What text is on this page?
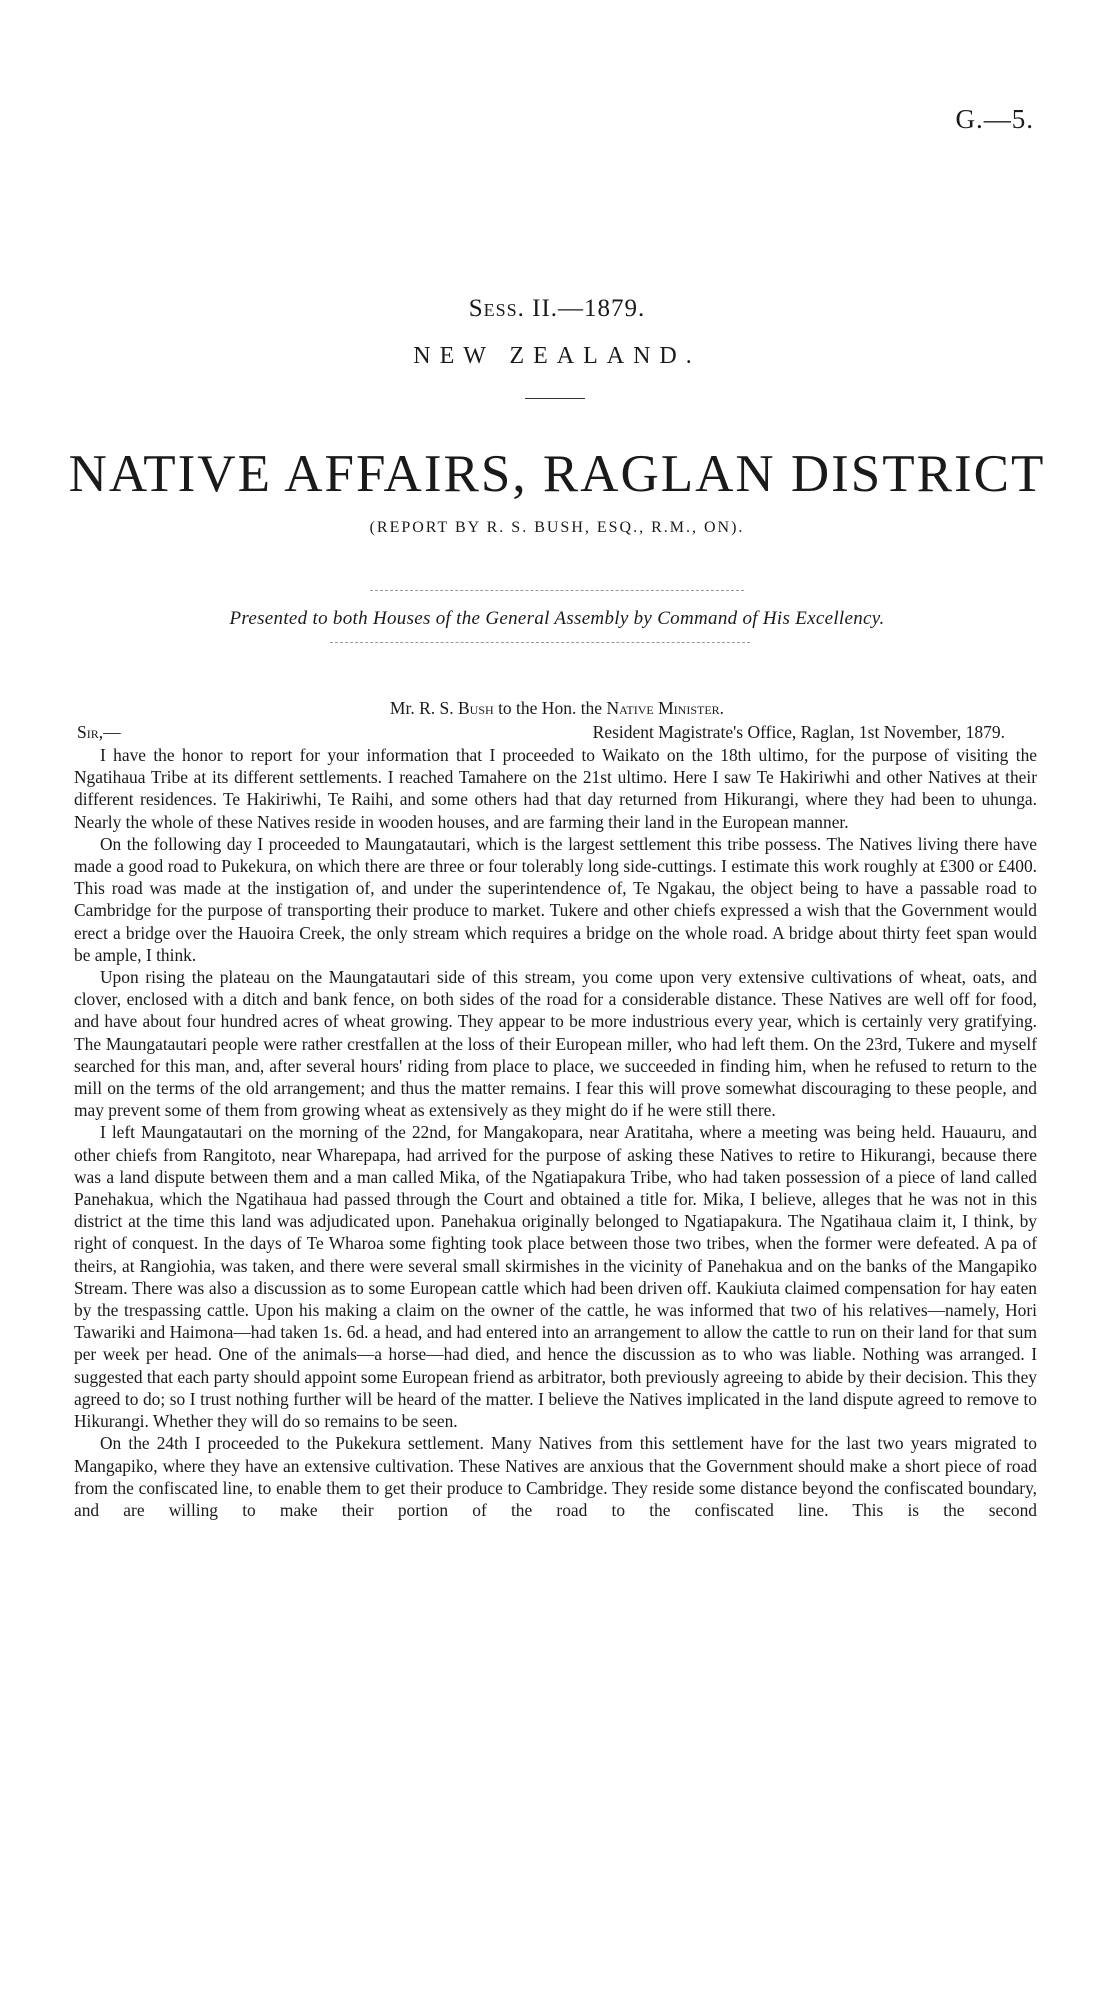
G.—5.
Sess. II.—1879.
NEW ZEALAND.
NATIVE AFFAIRS, RAGLAN DISTRICT
(REPORT BY R. S. BUSH, ESQ., R.M., ON).
Presented to both Houses of the General Assembly by Command of His Excellency.
Mr. R. S. Bush to the Hon. the Native Minister.
Sir,—	Resident Magistrate's Office, Raglan, 1st November, 1879.

I have the honor to report for your information that I proceeded to Waikato on the 18th ultimo, for the purpose of visiting the Ngatihaua Tribe at its different settlements. I reached Tamahere on the 21st ultimo. Here I saw Te Hakiriwhi and other Natives at their different residences. Te Hakiriwhi, Te Raihi, and some others had that day returned from Hikurangi, where they had been to uhunga. Nearly the whole of these Natives reside in wooden houses, and are farming their land in the European manner.

On the following day I proceeded to Maungatautari, which is the largest settlement this tribe possess. The Natives living there have made a good road to Pukekura, on which there are three or four tolerably long side-cuttings. I estimate this work roughly at £300 or £400. This road was made at the instigation of, and under the superintendence of, Te Ngakau, the object being to have a passable road to Cambridge for the purpose of transporting their produce to market. Tukere and other chiefs expressed a wish that the Government would erect a bridge over the Hauoira Creek, the only stream which requires a bridge on the whole road. A bridge about thirty feet span would be ample, I think.

Upon rising the plateau on the Maungatautari side of this stream, you come upon very extensive cultivations of wheat, oats, and clover, enclosed with a ditch and bank fence, on both sides of the road for a considerable distance. These Natives are well off for food, and have about four hundred acres of wheat growing. They appear to be more industrious every year, which is certainly very gratifying. The Maungatautari people were rather crestfallen at the loss of their European miller, who had left them. On the 23rd, Tukere and myself searched for this man, and, after several hours' riding from place to place, we succeeded in finding him, when he refused to return to the mill on the terms of the old arrangement; and thus the matter remains. I fear this will prove somewhat discouraging to these people, and may prevent some of them from growing wheat as extensively as they might do if he were still there.

I left Maungatautari on the morning of the 22nd, for Mangakopara, near Aratitaha, where a meeting was being held. Hauauru, and other chiefs from Rangitoto, near Wharepapa, had arrived for the purpose of asking these Natives to retire to Hikurangi, because there was a land dispute between them and a man called Mika, of the Ngatiapakura Tribe, who had taken possession of a piece of land called Panehakua, which the Ngatihaua had passed through the Court and obtained a title for. Mika, I believe, alleges that he was not in this district at the time this land was adjudicated upon. Panehakua originally belonged to Ngatiapakura. The Ngatihaua claim it, I think, by right of conquest. In the days of Te Wharoa some fighting took place between those two tribes, when the former were defeated. A pa of theirs, at Rangiohia, was taken, and there were several small skirmishes in the vicinity of Panehakua and on the banks of the Mangapiko Stream. There was also a discussion as to some European cattle which had been driven off. Kaukiuta claimed compensation for hay eaten by the trespassing cattle. Upon his making a claim on the owner of the cattle, he was informed that two of his relatives—namely, Hori Tawariki and Haimona—had taken 1s. 6d. a head, and had entered into an arrangement to allow the cattle to run on their land for that sum per week per head. One of the animals—a horse—had died, and hence the discussion as to who was liable. Nothing was arranged. I suggested that each party should appoint some European friend as arbitrator, both previously agreeing to abide by their decision. This they agreed to do; so I trust nothing further will be heard of the matter. I believe the Natives implicated in the land dispute agreed to remove to Hikurangi. Whether they will do so remains to be seen.

On the 24th I proceeded to the Pukekura settlement. Many Natives from this settlement have for the last two years migrated to Mangapiko, where they have an extensive cultivation. These Natives are anxious that the Government should make a short piece of road from the confiscated line, to enable them to get their produce to Cambridge. They reside some distance beyond the confiscated boundary, and are willing to make their portion of the road to the confiscated line. This is the second
